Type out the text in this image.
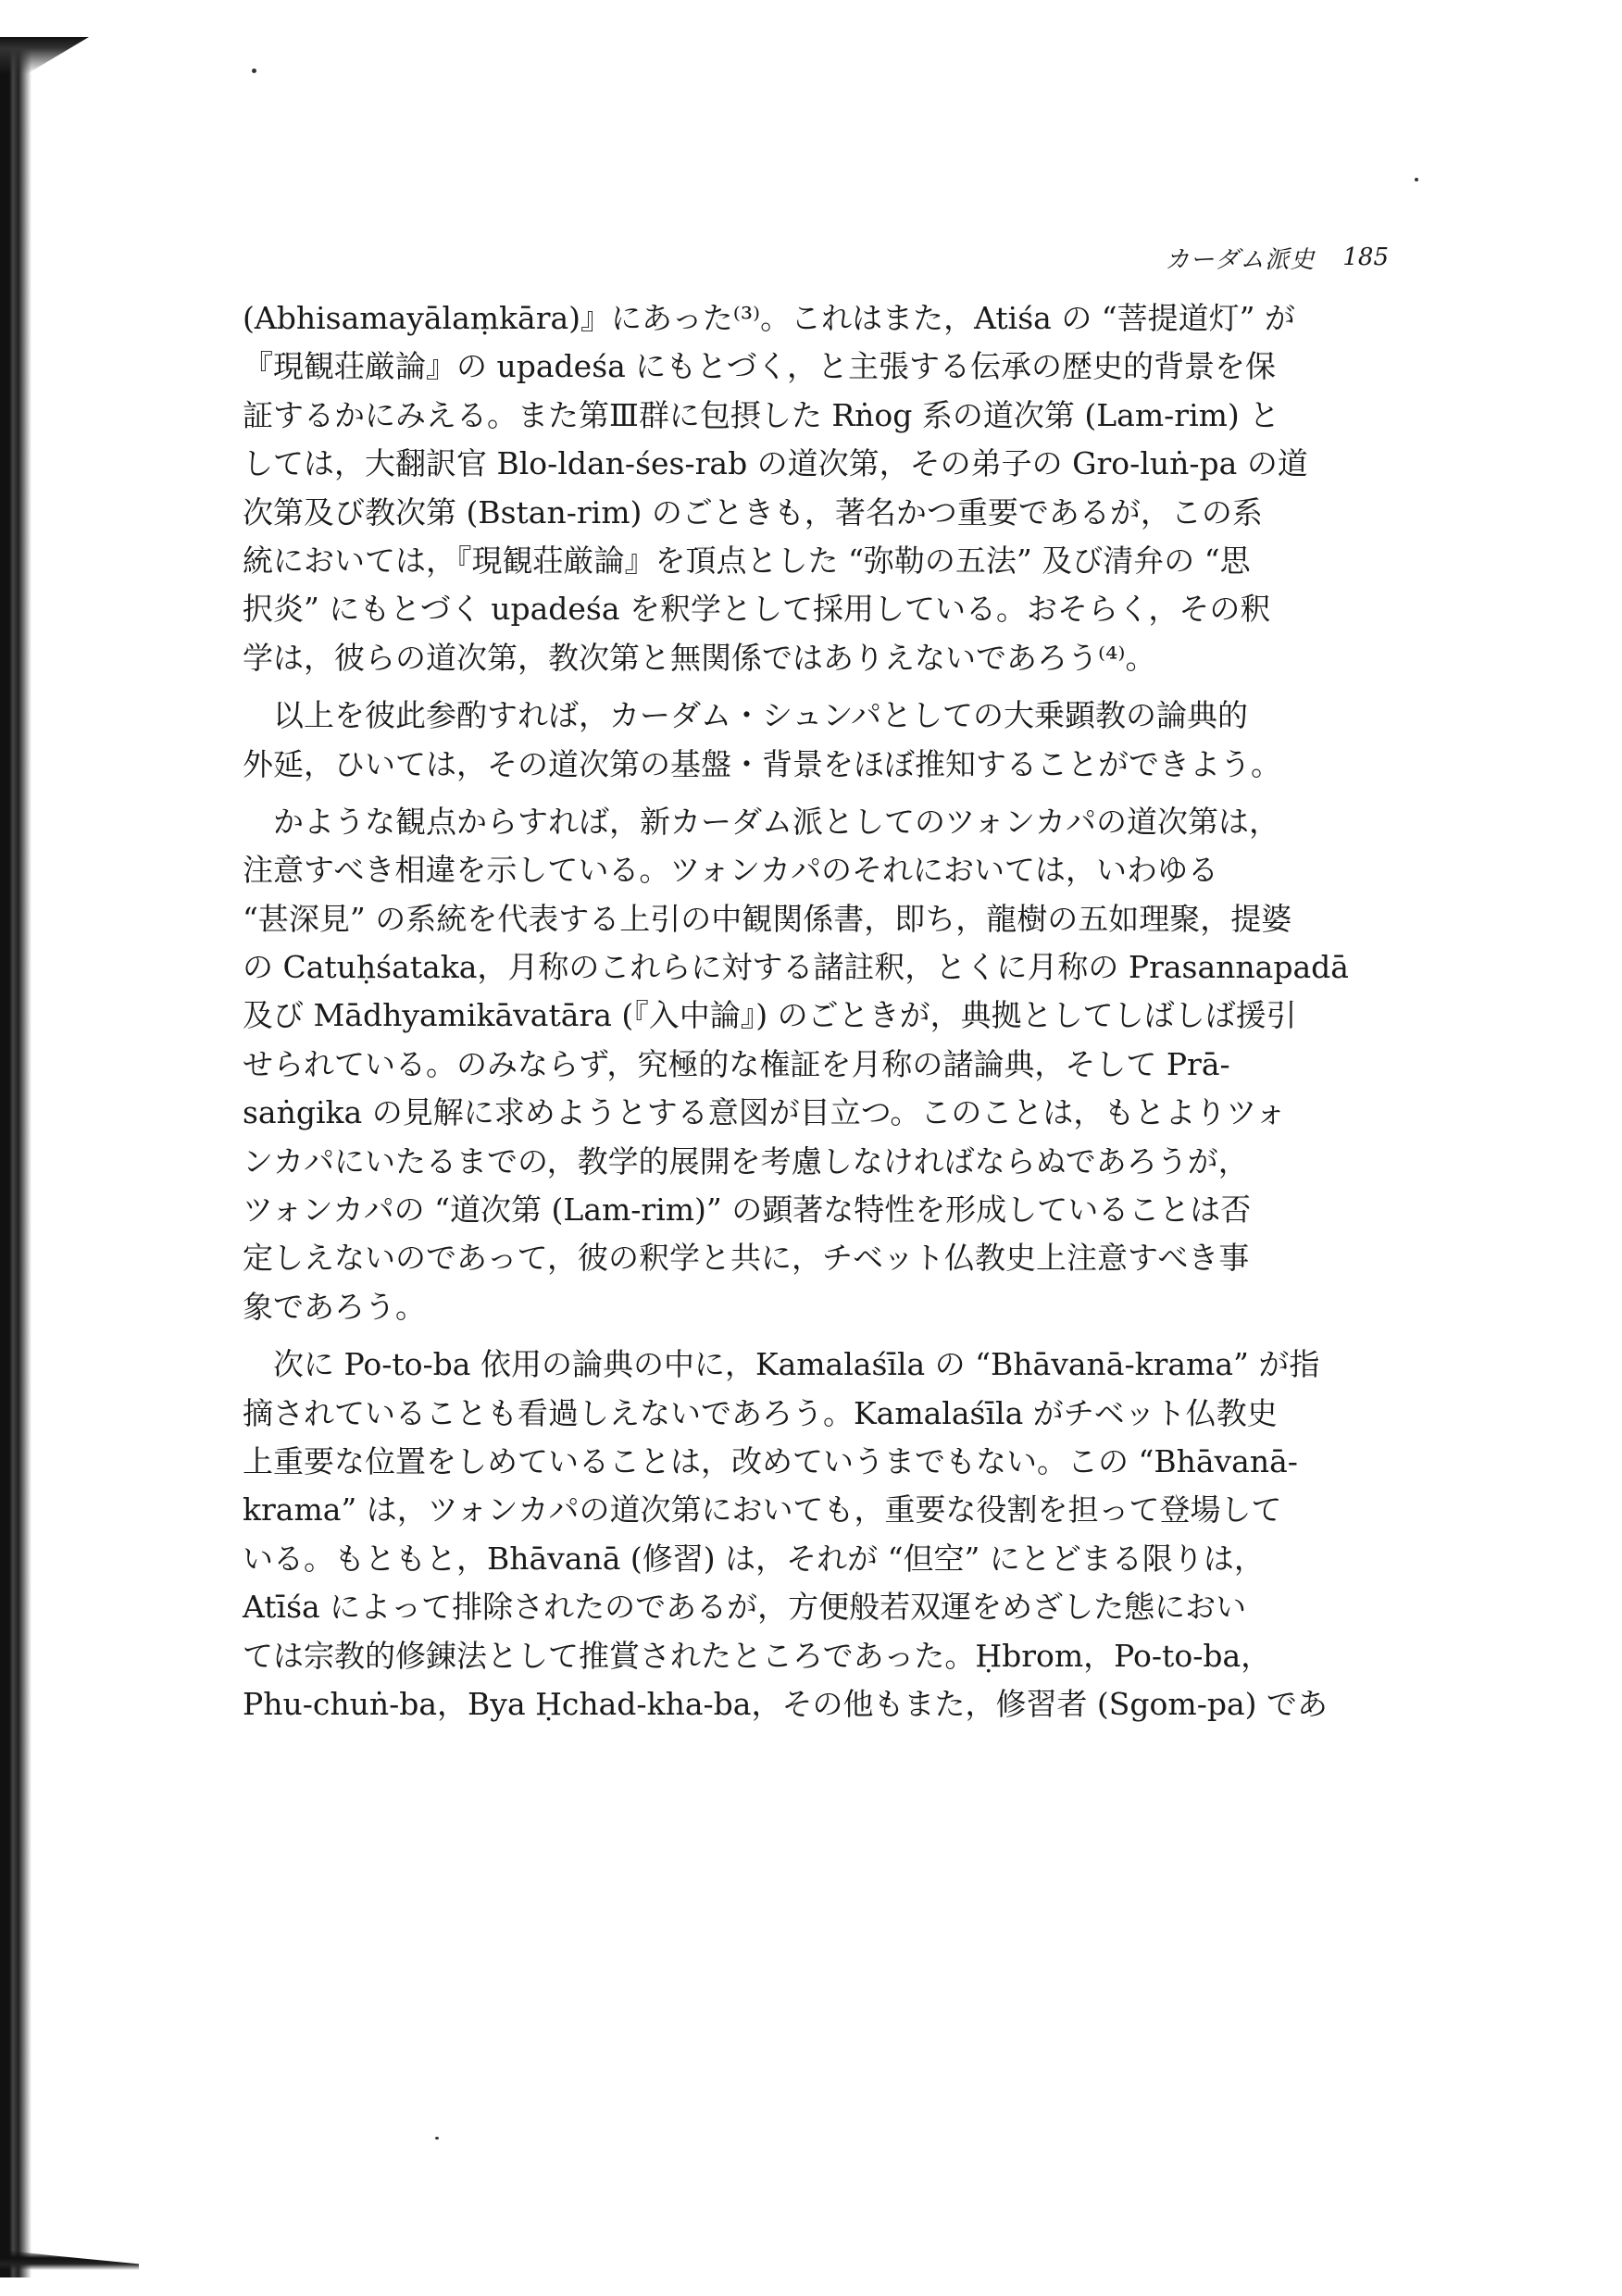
カーダム派史 185
(Abhisamayālaṃkāra)』にあった⁽³⁾。これはまた，Atiśa の “菩提道灯” が
『現観荘厳論』の upadeśa にもとづく，と主張する伝承の歴史的背景を保
証するかにみえる。また第Ⅲ群に包摂した Rṅog 系の道次第 (Lam-rim) と
しては，大翻訳官 Blo-ldan-śes-rab の道次第，その弟子の Gro-luṅ-pa の道
次第及び教次第 (Bstan-rim) のごときも，著名かつ重要であるが，この系
統においては，『現観荘厳論』を頂点とした “弥勒の五法” 及び清弁の “思
択炎” にもとづく upadeśa を釈学として採用している。おそらく，その釈
学は，彼らの道次第，教次第と無関係ではありえないであろう⁽⁴⁾。
　以上を彼此参酌すれば，カーダム・シュンパとしての大乗顕教の論典的
外延，ひいては，その道次第の基盤・背景をほぼ推知することができよう。
　かような観点からすれば，新カーダム派としてのツォンカパの道次第は，
注意すべき相違を示している。ツォンカパのそれにおいては，いわゆる
“甚深見” の系統を代表する上引の中観関係書，即ち，龍樹の五如理聚，提婆
の Catuḥśataka，月称のこれらに対する諸註釈，とくに月称の Prasannapadā
及び Mādhyamikāvatāra (『入中論』) のごときが，典拠としてしばしば援引
せられている。のみならず，究極的な権証を月称の諸論典，そして Prā-
saṅgika の見解に求めようとする意図が目立つ。このことは，もとよりツォ
ンカパにいたるまでの，教学的展開を考慮しなければならぬであろうが，
ツォンカパの “道次第 (Lam-rim)” の顕著な特性を形成していることは否
定しえないのであって，彼の釈学と共に，チベット仏教史上注意すべき事
象であろう。
　次に Po-to-ba 依用の論典の中に，Kamalaśīla の “Bhāvanā-krama” が指
摘されていることも看過しえないであろう。Kamalaśīla がチベット仏教史
上重要な位置をしめていることは，改めていうまでもない。この “Bhāvanā-
krama” は，ツォンカパの道次第においても，重要な役割を担って登場して
いる。もともと，Bhāvanā (修習) は，それが “但空” にとどまる限りは，
Atīśa によって排除されたのであるが，方便般若双運をめざした態におい
ては宗教的修錬法として推賞されたところであった。Ḥbrom，Po-to-ba，
Phu-chuṅ-ba，Bya Ḥchad-kha-ba，その他もまた，修習者 (Sgom-pa) であ
